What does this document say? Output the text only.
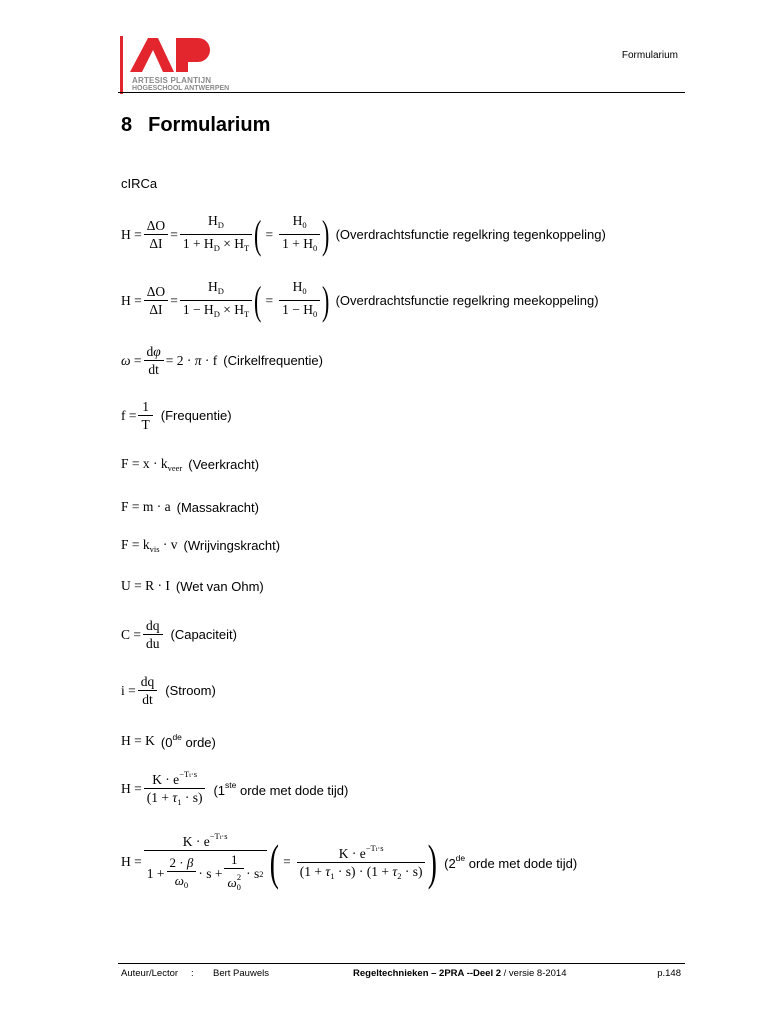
ARTESIS PLANTIJN
HOGESCHOOL ANTWERPEN
Formularium
8 Formularium
cIRCa
$H = \frac{\Delta O}{\Delta I} = \frac{H_D}{1 + H_D \times H_T}$ ( = $\frac{H_0}{1 + H_0}$ ) (Overdrachtsfunctie regelkring tegenkoppeling)
$H = \frac{\Delta O}{\Delta I} = \frac{H_D}{1 - H_D \times H_T}$ ( = $\frac{H_0}{1 - H_0}$ ) (Overdrachtsfunctie regelkring meekoppeling)
$\omega = \frac{d\varphi}{dt} = 2 \cdot \pi \cdot f$ (Cirkelfrequentie)
$f = \frac{1}{T}$ (Frequentie)
$F = x \cdot k_{veer}$ (Veerkracht)
F = m · a (Massakracht)
$F = k_{vis} \cdot v$ (Wrijvingskracht)
U = R · I (Wet van Ohm)
$C = \frac{dq}{du}$ (Capaciteit)
$i = \frac{dq}{dt}$ (Stroom)
H = K (0de orde)
$H = \frac{K \cdot e^{-Tt\cdot s}}{(1 + \tau_1 \cdot s)} (1ste$ orde met dode tijd)
$H = \frac{K \cdot e^{-Tt\cdot s}}{1 + \frac{2 \cdot \beta}{\omega_0} \cdot s + \frac{1}{\omega_0^2} \cdot s 2}$ ( = $\frac{K \cdot e^{-Tt\cdot s}}{(1 + \tau_1 \cdot s) \cdot (1 + \tau_2 \cdot s)}$ ) (2de orde met dode tijd)
Auteur/Lector : Bert Pauwels	Regeltechnieken – 2PRA --Deel 2 / versie 8-2014	p.148
